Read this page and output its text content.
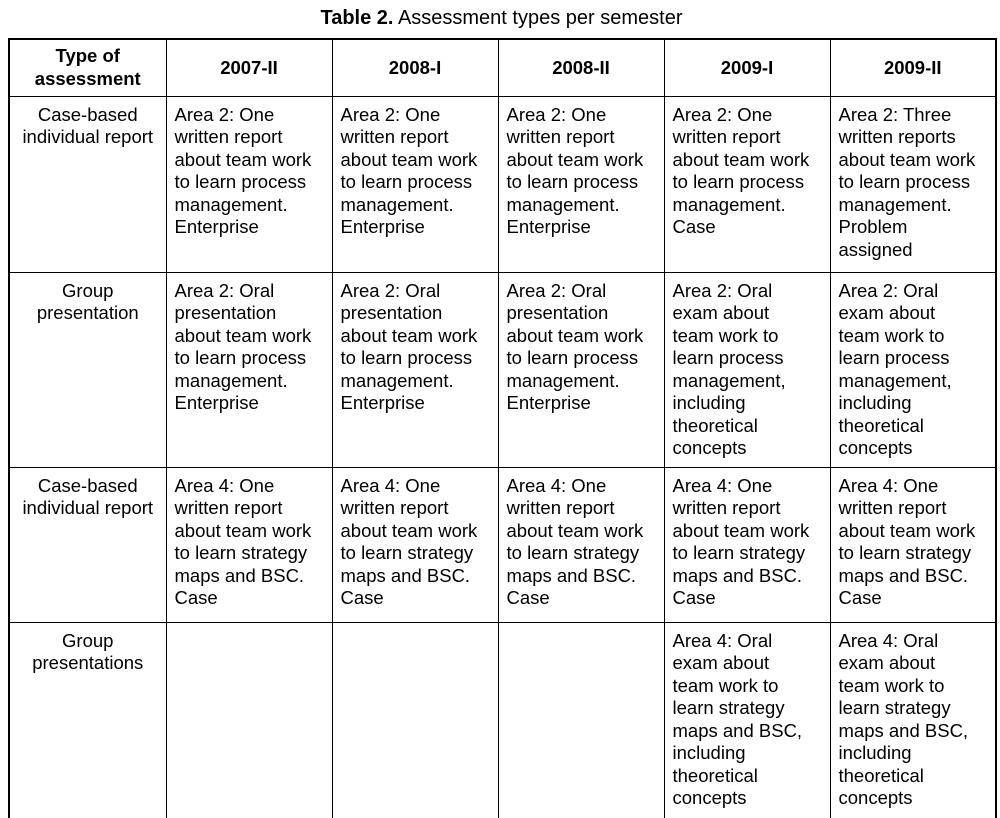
Table 2. Assessment types per semester
Type of assessment	2007-II	2008-I	2008-II	2009-I	2009-II
Case-based individual report	Area 2: One written report about team work to learn process management. Enterprise	Area 2: One written report about team work to learn process management. Enterprise	Area 2: One written report about team work to learn process management. Enterprise	Area 2: One written report about team work to learn process management. Case	Area 2: Three written reports about team work to learn process management. Problem assigned
Group presentation	Area 2: Oral presentation about team work to learn process management. Enterprise	Area 2: Oral presentation about team work to learn process management. Enterprise	Area 2: Oral presentation about team work to learn process management. Enterprise	Area 2: Oral exam about team work to learn process management, including theoretical concepts	Area 2: Oral exam about team work to learn process management, including theoretical concepts
Case-based individual report	Area 4: One written report about team work to learn strategy maps and BSC. Case	Area 4: One written report about team work to learn strategy maps and BSC. Case	Area 4: One written report about team work to learn strategy maps and BSC. Case	Area 4: One written report about team work to learn strategy maps and BSC. Case	Area 4: One written report about team work to learn strategy maps and BSC. Case
Group presentations				Area 4: Oral exam about team work to learn strategy maps and BSC, including theoretical concepts	Area 4: Oral exam about team work to learn strategy maps and BSC, including theoretical concepts
